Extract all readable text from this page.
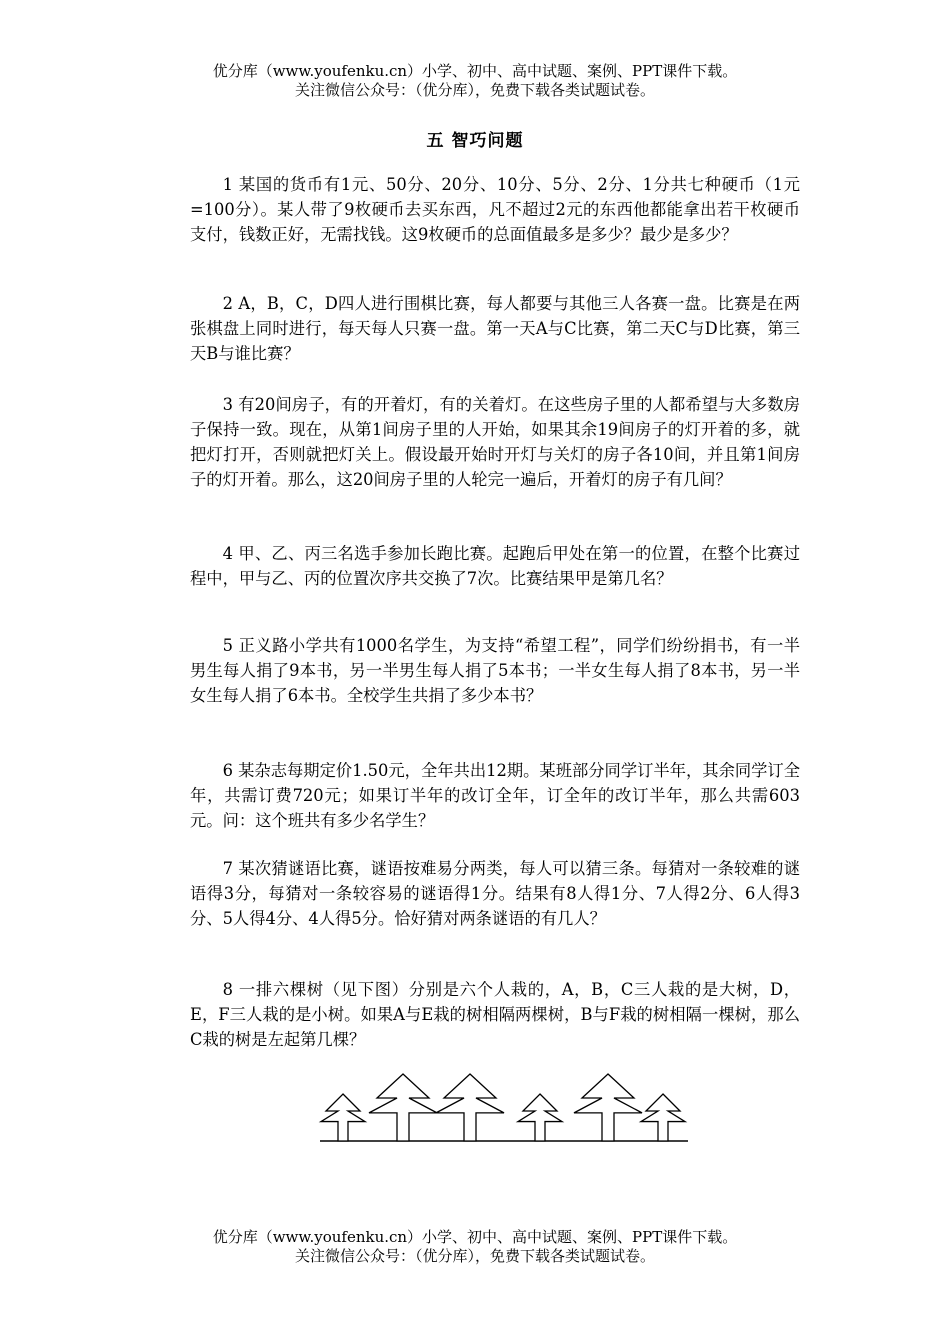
优分库（www.youfenku.cn）小学、初中、高中试题、案例、PPT课件下载。
关注微信公众号：（优分库），免费下载各类试题试卷。
五 智巧问题

1 某国的货币有1元、50分、20分、10分、5分、2分、1分共七种硬币（1元=100分）。某人带了9枚硬币去买东西，凡不超过2元的东西他都能拿出若干枚硬币支付，钱数正好，无需找钱。这9枚硬币的总面值最多是多少？最少是多少？

2 A，B，C，D四人进行围棋比赛，每人都要与其他三人各赛一盘。比赛是在两张棋盘上同时进行，每天每人只赛一盘。第一天A与C比赛，第二天C与D比赛，第三天B与谁比赛？

3 有20间房子，有的开着灯，有的关着灯。在这些房子里的人都希望与大多数房子保持一致。现在，从第1间房子里的人开始，如果其余19间房子的灯开着的多，就把灯打开，否则就把灯关上。假设最开始时开灯与关灯的房子各10间，并且第1间房子的灯开着。那么，这20间房子里的人轮完一遍后，开着灯的房子有几间？

4 甲、乙、丙三名选手参加长跑比赛。起跑后甲处在第一的位置，在整个比赛过程中，甲与乙、丙的位置次序共交换了7次。比赛结果甲是第几名？

5 正义路小学共有1000名学生，为支持“希望工程”，同学们纷纷捐书，有一半男生每人捐了9本书，另一半男生每人捐了5本书；一半女生每人捐了8本书，另一半女生每人捐了6本书。全校学生共捐了多少本书？

6 某杂志每期定价1.50元，全年共出12期。某班部分同学订半年，其余同学订全年，共需订费720元；如果订半年的改订全年，订全年的改订半年，那么共需603元。问：这个班共有多少名学生？

7 某次猜谜语比赛，谜语按难易分两类，每人可以猜三条。每猜对一条较难的谜语得3分，每猜对一条较容易的谜语得1分。结果有8人得1分、7人得2分、6人得3分、5人得4分、4人得5分。恰好猜对两条谜语的有几人？

8 一排六棵树（见下图）分别是六个人栽的，A，B，C三人栽的是大树，D，E，F三人栽的是小树。如果A与E栽的树相隔两棵树，B与F栽的树相隔一棵树，那么C栽的树是左起第几棵？

优分库（www.youfenku.cn）小学、初中、高中试题、案例、PPT课件下载。
关注微信公众号：（优分库），免费下载各类试题试卷。
